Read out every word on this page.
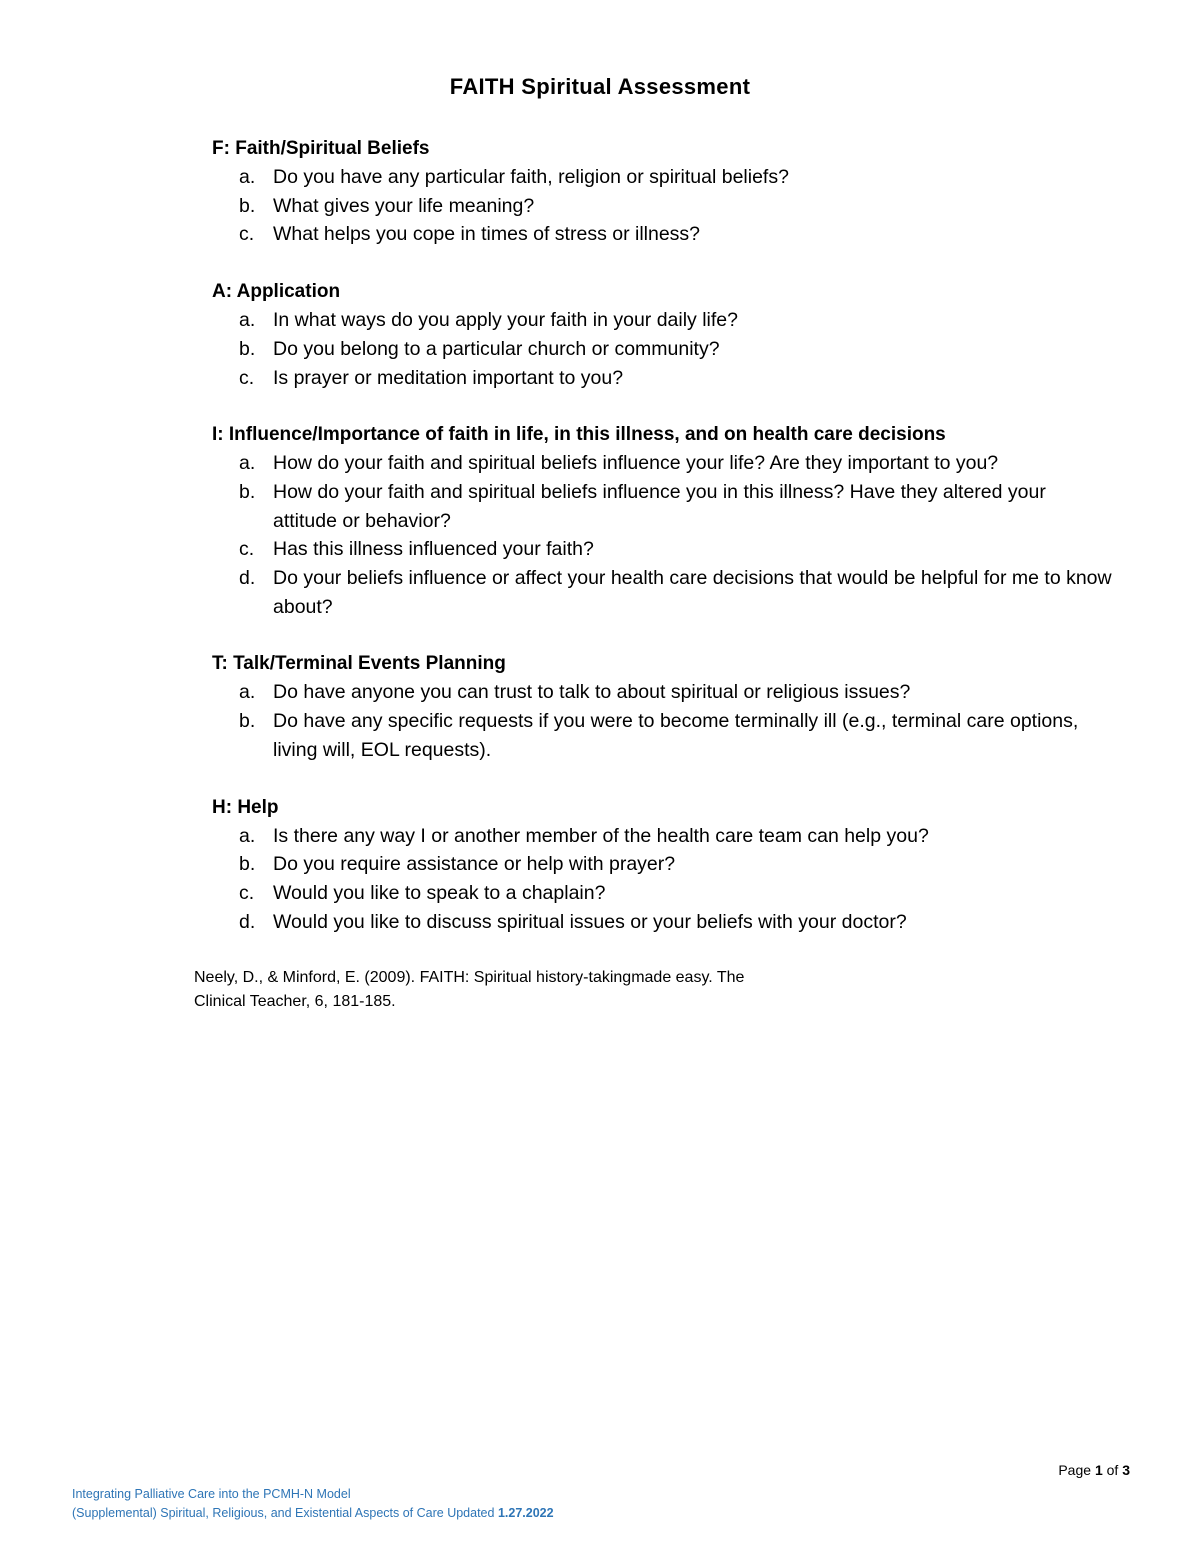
FAITH Spiritual Assessment

F: Faith/Spiritual Beliefs

a. Do you have any particular faith, religion or spiritual beliefs?
b. What gives your life meaning?
c. What helps you cope in times of stress or illness?

A: Application

a. In what ways do you apply your faith in your daily life?
b. Do you belong to a particular church or community?
c. Is prayer or meditation important to you?

I: Influence/Importance of faith in life, in this illness, and on health care decisions

a. How do your faith and spiritual beliefs influence your life? Are they important to you?
b. How do your faith and spiritual beliefs influence you in this illness? Have they altered your attitude or behavior?
c. Has this illness influenced your faith?
d. Do your beliefs influence or affect your health care decisions that would be helpful for me to know about?

T: Talk/Terminal Events Planning

a. Do have anyone you can trust to talk to about spiritual or religious issues?
b. Do have any specific requests if you were to become terminally ill (e.g., terminal care options, living will, EOL requests).

H: Help

a. Is there any way I or another member of the health care team can help you?
b. Do you require assistance or help with prayer?
c. Would you like to speak to a chaplain?
d. Would you like to discuss spiritual issues or your beliefs with your doctor?

Neely, D., & Minford, E. (2009). FAITH: Spiritual history-takingmade easy. The
Clinical Teacher, 6, 181-185.

Page 1 of 3
Integrating Palliative Care into the PCMH-N Model
(Supplemental) Spiritual, Religious, and Existential Aspects of Care Updated 1.27.2022
